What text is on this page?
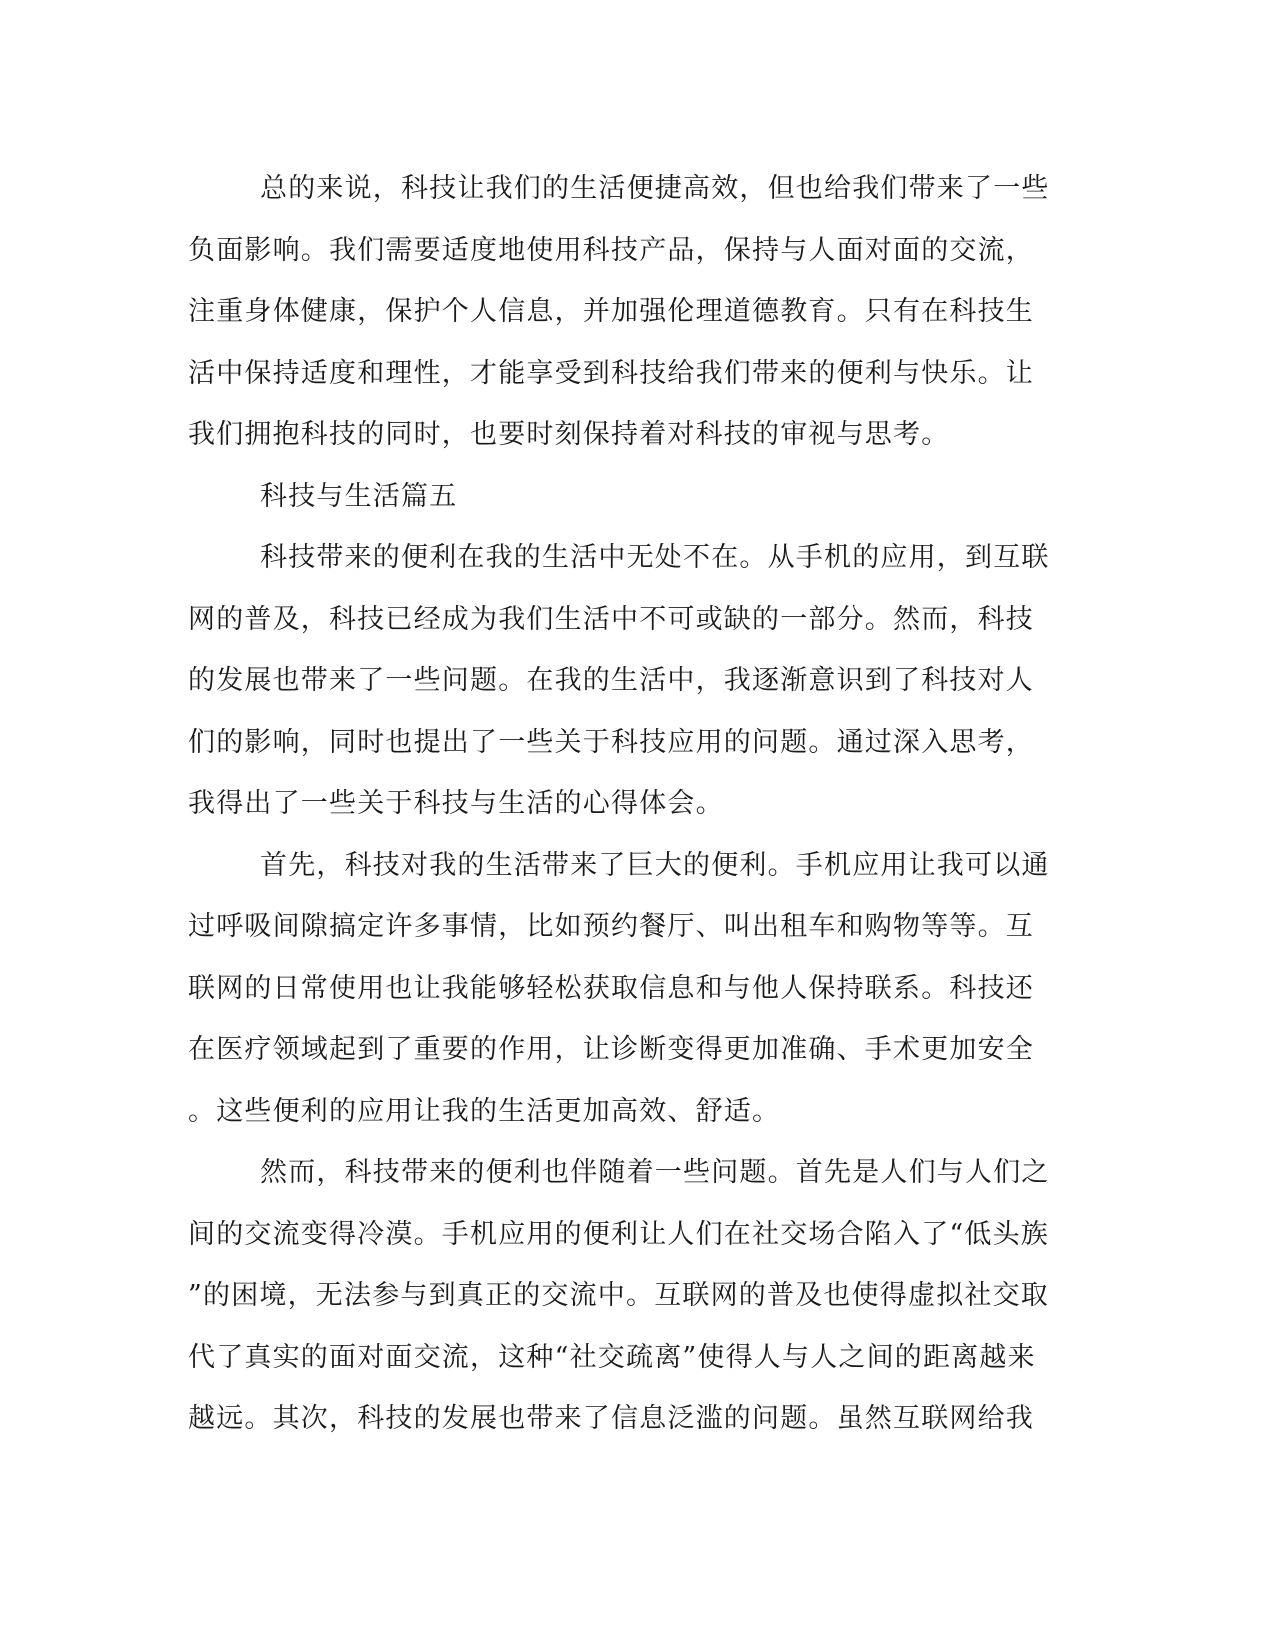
总的来说，科技让我们的生活便捷高效，但也给我们带来了一些
负面影响。我们需要适度地使用科技产品，保持与人面对面的交流，
注重身体健康，保护个人信息，并加强伦理道德教育。只有在科技生
活中保持适度和理性，才能享受到科技给我们带来的便利与快乐。让
我们拥抱科技的同时，也要时刻保持着对科技的审视与思考。
科技与生活篇五
科技带来的便利在我的生活中无处不在。从手机的应用，到互联
网的普及，科技已经成为我们生活中不可或缺的一部分。然而，科技
的发展也带来了一些问题。在我的生活中，我逐渐意识到了科技对人
们的影响，同时也提出了一些关于科技应用的问题。通过深入思考，
我得出了一些关于科技与生活的心得体会。
首先，科技对我的生活带来了巨大的便利。手机应用让我可以通
过呼吸间隙搞定许多事情，比如预约餐厅、叫出租车和购物等等。互
联网的日常使用也让我能够轻松获取信息和与他人保持联系。科技还
在医疗领域起到了重要的作用，让诊断变得更加准确、手术更加安全
。这些便利的应用让我的生活更加高效、舒适。
然而，科技带来的便利也伴随着一些问题。首先是人们与人们之
间的交流变得冷漠。手机应用的便利让人们在社交场合陷入了“低头族
”的困境，无法参与到真正的交流中。互联网的普及也使得虚拟社交取
代了真实的面对面交流，这种“社交疏离”使得人与人之间的距离越来
越远。其次，科技的发展也带来了信息泛滥的问题。虽然互联网给我
